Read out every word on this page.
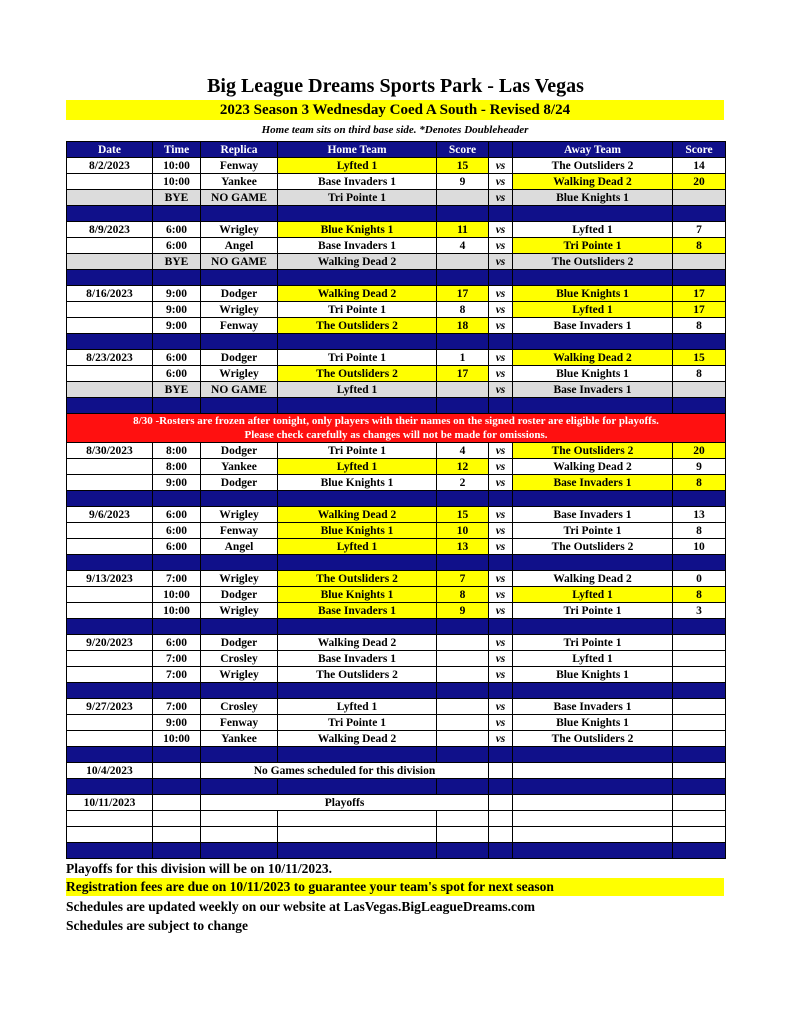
Big League Dreams Sports Park - Las Vegas
2023 Season 3 Wednesday Coed A South - Revised 8/24
Home team sits on third base side. *Denotes Doubleheader
Date	Time	Replica	Home Team	Score		Away Team	Score
8/2/2023	10:00	Fenway	Lyfted 1	15	vs	The Outsliders 2	14
	10:00	Yankee	Base Invaders 1	9	vs	Walking Dead 2	20
	BYE	NO GAME	Tri Pointe 1		vs	Blue Knights 1	

8/9/2023	6:00	Wrigley	Blue Knights 1	11	vs	Lyfted 1	7
	6:00	Angel	Base Invaders 1	4	vs	Tri Pointe 1	8
	BYE	NO GAME	Walking Dead 2		vs	The Outsliders 2	

8/16/2023	9:00	Dodger	Walking Dead 2	17	vs	Blue Knights 1	17
	9:00	Wrigley	Tri Pointe 1	8	vs	Lyfted 1	17
	9:00	Fenway	The Outsliders 2	18	vs	Base Invaders 1	8

8/23/2023	6:00	Dodger	Tri Pointe 1	1	vs	Walking Dead 2	15
	6:00	Wrigley	The Outsliders 2	17	vs	Blue Knights 1	8
	BYE	NO GAME	Lyfted 1		vs	Base Invaders 1	

8/30 -Rosters are frozen after tonight, only players with their names on the signed roster are eligible for playoffs.
Please check carefully as changes will not be made for omissions.							

8/30/2023	8:00	Dodger	Tri Pointe 1	4	vs	The Outsliders 2	20
	8:00	Yankee	Lyfted 1	12	vs	Walking Dead 2	9
	9:00	Dodger	Blue Knights 1	2	vs	Base Invaders 1	8

9/6/2023	6:00	Wrigley	Walking Dead 2	15	vs	Base Invaders 1	13
	6:00	Fenway	Blue Knights 1	10	vs	Tri Pointe 1	8
	6:00	Angel	Lyfted 1	13	vs	The Outsliders 2	10

9/13/2023	7:00	Wrigley	The Outsliders 2	7	vs	Walking Dead 2	0
	10:00	Dodger	Blue Knights 1	8	vs	Lyfted 1	8
	10:00	Wrigley	Base Invaders 1	9	vs	Tri Pointe 1	3

9/20/2023	6:00	Dodger	Walking Dead 2		vs	Tri Pointe 1	
	7:00	Crosley	Base Invaders 1		vs	Lyfted 1	
	7:00	Wrigley	The Outsliders 2		vs	Blue Knights 1	

9/27/2023	7:00	Crosley	Lyfted 1		vs	Base Invaders 1	
	9:00	Fenway	Tri Pointe 1		vs	Blue Knights 1	
	10:00	Yankee	Walking Dead 2		vs	The Outsliders 2	

10/4/2023		No Games scheduled for this division					

10/11/2023		Playoffs					

Playoffs for this division will be on 10/11/2023.
Registration fees are due on 10/11/2023 to guarantee your team's spot for next season
Schedules are updated weekly on our website at LasVegas.BigLeagueDreams.com
Schedules are subject to change
